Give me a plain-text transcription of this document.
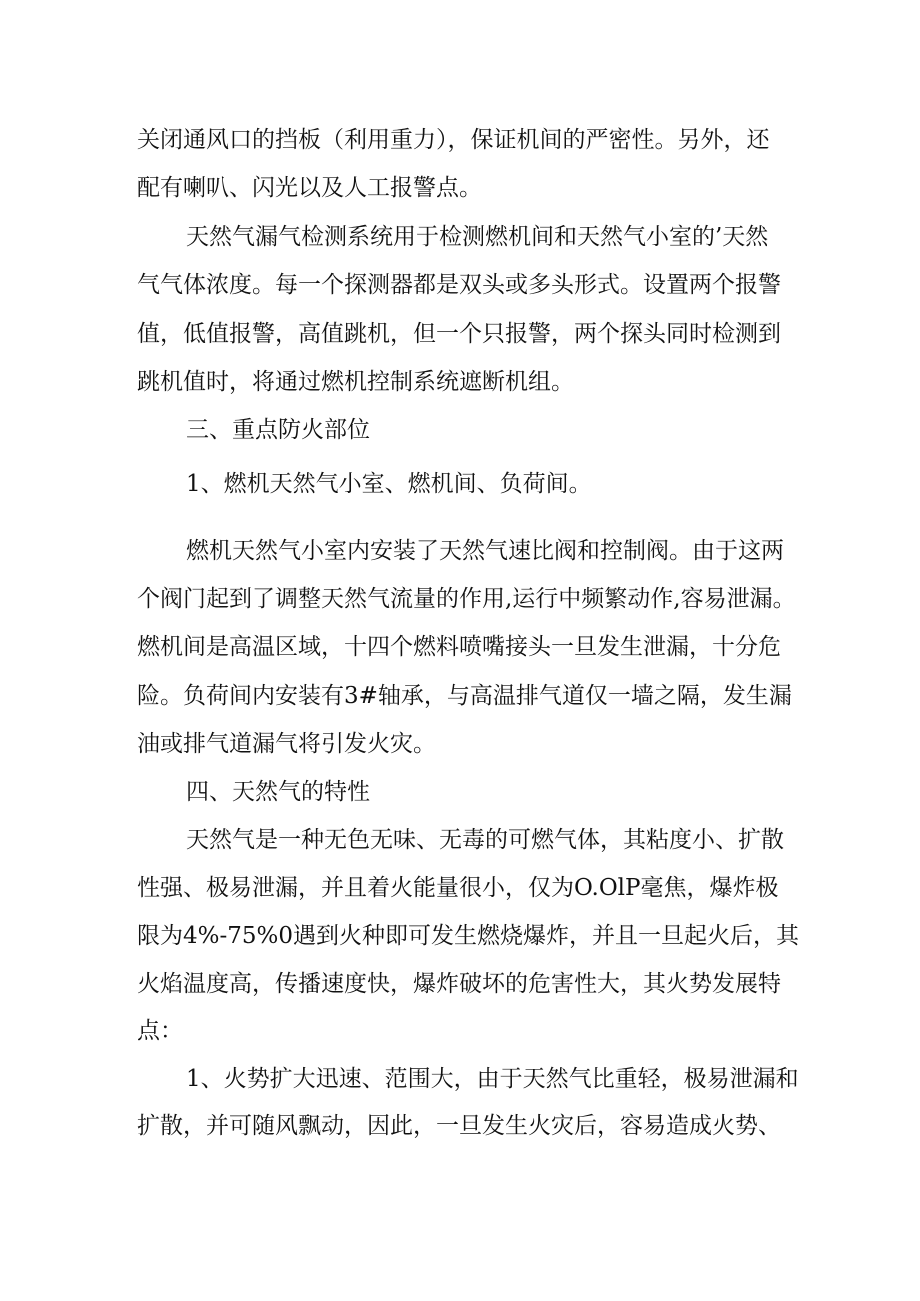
关闭通风口的挡板（利用重力），保证机间的严密性。另外，还
配有喇叭、闪光以及人工报警点。
天然气漏气检测系统用于检测燃机间和天然气小室的’天然
气气体浓度。每一个探测器都是双头或多头形式。设置两个报警
值，低值报警，高值跳机，但一个只报警，两个探头同时检测到
跳机值时，将通过燃机控制系统遮断机组。
三、重点防火部位
1、燃机天然气小室、燃机间、负荷间。
燃机天然气小室内安装了天然气速比阀和控制阀。由于这两
个阀门起到了调整天然气流量的作用,运行中频繁动作,容易泄漏。
燃机间是高温区域，十四个燃料喷嘴接头一旦发生泄漏，十分危
险。负荷间内安装有3#轴承，与高温排气道仅一墙之隔，发生漏
油或排气道漏气将引发火灾。
四、天然气的特性
天然气是一种无色无味、无毒的可燃气体，其粘度小、扩散
性强、极易泄漏，并且着火能量很小，仅为O.OlP毫焦，爆炸极
限为4%-75%0遇到火种即可发生燃烧爆炸，并且一旦起火后，其
火焰温度高，传播速度快，爆炸破坏的危害性大，其火势发展特
点：
1、火势扩大迅速、范围大，由于天然气比重轻，极易泄漏和
扩散，并可随风飘动，因此，一旦发生火灾后，容易造成火势、
